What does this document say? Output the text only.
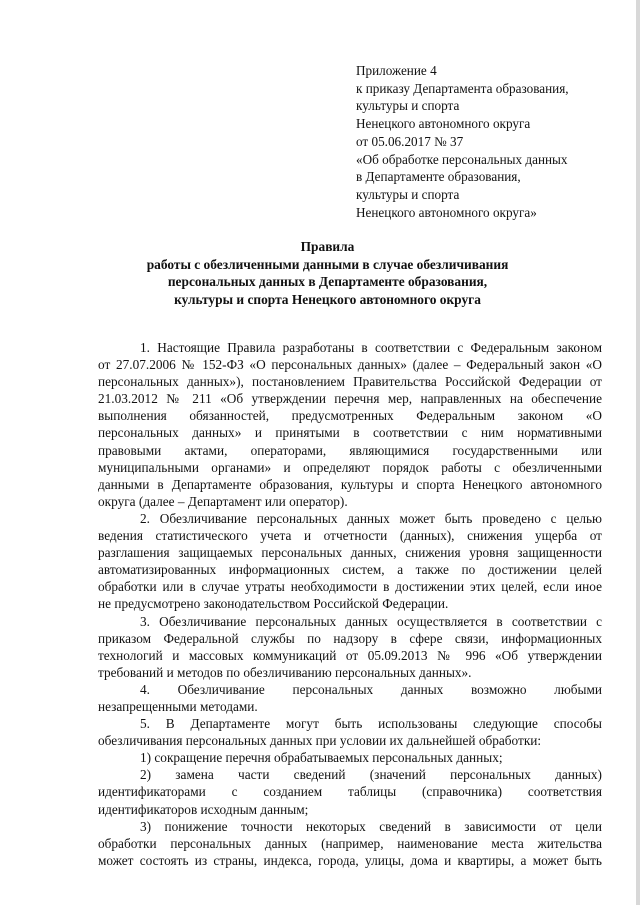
Приложение 4
к приказу Департамента образования,
культуры и спорта
Ненецкого автономного округа
от 05.06.2017 № 37
«Об обработке персональных данных
в Департаменте образования,
культуры и спорта
Ненецкого автономного округа»
Правила
работы с обезличенными данными в случае обезличивания
персональных данных в Департаменте образования,
культуры и спорта Ненецкого автономного округа
1. Настоящие Правила разработаны в соответствии с Федеральным законом
от 27.07.2006 № 152-ФЗ «О персональных данных» (далее – Федеральный закон «О
персональных данных»), постановлением Правительства Российской Федерации от
21.03.2012 № 211 «Об утверждении перечня мер, направленных на обеспечение
выполнения обязанностей, предусмотренных Федеральным законом «О
персональных данных» и принятыми в соответствии с ним нормативными
правовыми актами, операторами, являющимися государственными или
муниципальными органами» и определяют порядок работы с обезличенными
данными в Департаменте образования, культуры и спорта Ненецкого автономного
округа (далее – Департамент или оператор).
2. Обезличивание персональных данных может быть проведено с целью
ведения статистического учета и отчетности (данных), снижения ущерба от
разглашения защищаемых персональных данных, снижения уровня защищенности
автоматизированных информационных систем, а также по достижении целей
обработки или в случае утраты необходимости в достижении этих целей, если иное
не предусмотрено законодательством Российской Федерации.
3. Обезличивание персональных данных осуществляется в соответствии с
приказом Федеральной службы по надзору в сфере связи, информационных
технологий и массовых коммуникаций от 05.09.2013 № 996 «Об утверждении
требований и методов по обезличиванию персональных данных».
4. Обезличивание персональных данных возможно любыми
незапрещенными методами.
5. В Департаменте могут быть использованы следующие способы
обезличивания персональных данных при условии их дальнейшей обработки:
1) сокращение перечня обрабатываемых персональных данных;
2) замена части сведений (значений персональных данных)
идентификаторами с созданием таблицы (справочника) соответствия
идентификаторов исходным данным;
3) понижение точности некоторых сведений в зависимости от цели
обработки персональных данных (например, наименование места жительства
может состоять из страны, индекса, города, улицы, дома и квартиры, а может быть
